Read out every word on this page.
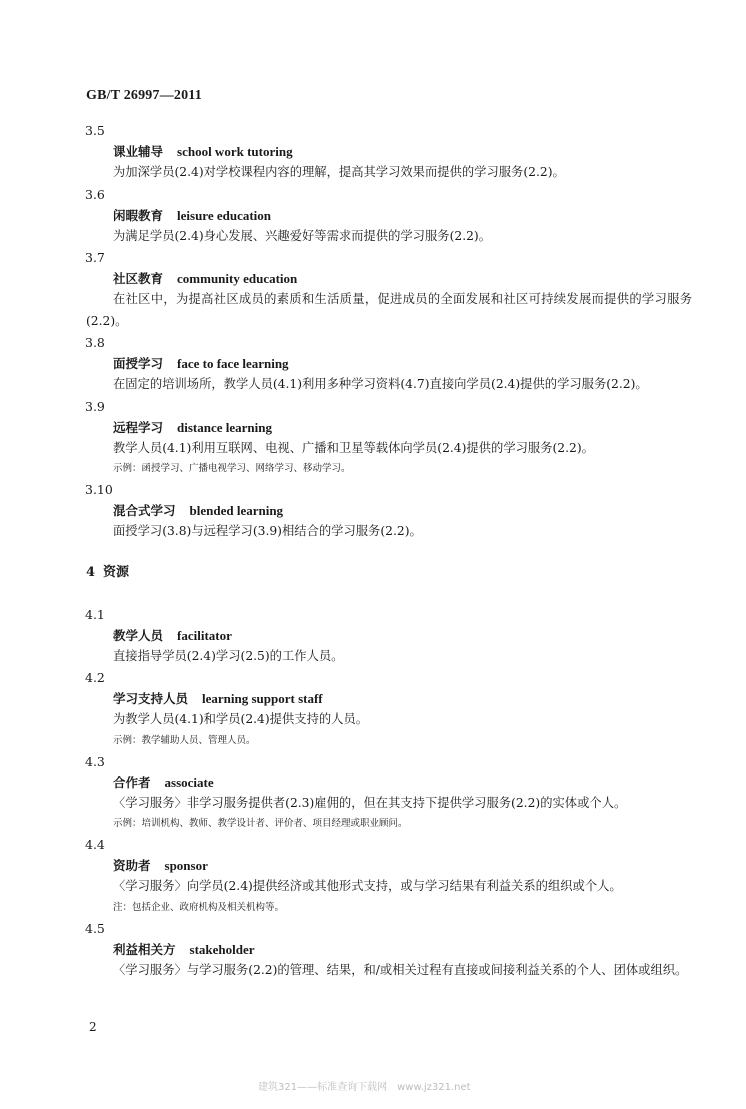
GB/T 26997—2011
3.5
课业辅导 school work tutoring
为加深学员(2.4)对学校课程内容的理解，提高其学习效果而提供的学习服务(2.2)。
3.6
闲暇教育 leisure education
为满足学员(2.4)身心发展、兴趣爱好等需求而提供的学习服务(2.2)。
3.7
社区教育 community education
在社区中，为提高社区成员的素质和生活质量，促进成员的全面发展和社区可持续发展而提供的学习服务(2.2)。
3.8
面授学习 face to face learning
在固定的培训场所，教学人员(4.1)利用多种学习资料(4.7)直接向学员(2.4)提供的学习服务(2.2)。
3.9
远程学习 distance learning
教学人员(4.1)利用互联网、电视、广播和卫星等载体向学员(2.4)提供的学习服务(2.2)。
示例：函授学习、广播电视学习、网络学习、移动学习。
3.10
混合式学习 blended learning
面授学习(3.8)与远程学习(3.9)相结合的学习服务(2.2)。
4 资源
4.1
教学人员 facilitator
直接指导学员(2.4)学习(2.5)的工作人员。
4.2
学习支持人员 learning support staff
为教学人员(4.1)和学员(2.4)提供支持的人员。
示例：教学辅助人员、管理人员。
4.3
合作者 associate
〈学习服务〉非学习服务提供者(2.3)雇佣的，但在其支持下提供学习服务(2.2)的实体或个人。
示例：培训机构、教师、教学设计者、评价者、项目经理或职业顾问。
4.4
资助者 sponsor
〈学习服务〉向学员(2.4)提供经济或其他形式支持，或与学习结果有利益关系的组织或个人。
注：包括企业、政府机构及相关机构等。
4.5
利益相关方 stakeholder
〈学习服务〉与学习服务(2.2)的管理、结果，和/或相关过程有直接或间接利益关系的个人、团体或组织。
2
建筑321——标准查询下载网　www.jz321.net
